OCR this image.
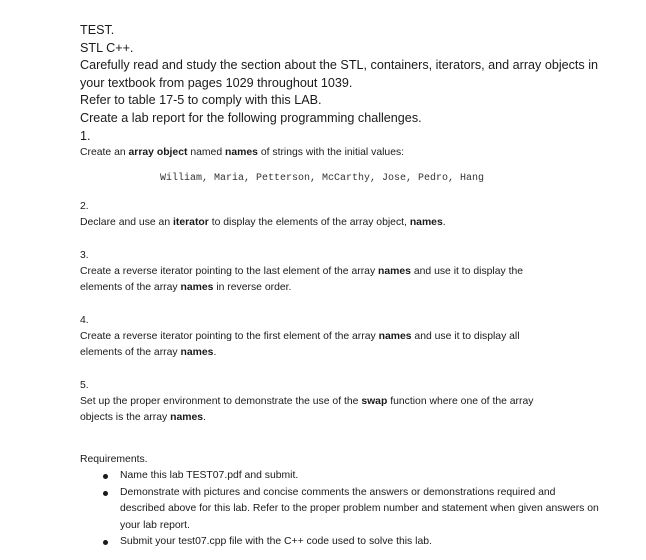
TEST.

STL C++.

Carefully read and study the section about the STL, containers, iterators, and array objects in

your textbook from pages 1029 throughout 1039.

Refer to table 17-5 to comply with this LAB.

Create a lab report for the following programming challenges.

1.

Create an array object named names of strings with the initial values:

William, Maria, Petterson, McCarthy, Jose, Pedro, Hang

2.

Declare and use an iterator to display the elements of the array object, names.

3.

Create a reverse iterator pointing to the last element of the array names and use it to display the

elements of the array names in reverse order.

4.

Create a reverse iterator pointing to the first element of the array names and use it to display all

elements of the array names.

5.

Set up the proper environment to demonstrate the use of the swap function where one of the array

objects is the array names.

Requirements.

Name this lab TEST07.pdf and submit.
Demonstrate with pictures and concise comments the answers or demonstrations required and described above for this lab. Refer to the proper problem number and statement when given answers on your lab report.
Submit your test07.cpp file with the C++ code used to solve this lab.
